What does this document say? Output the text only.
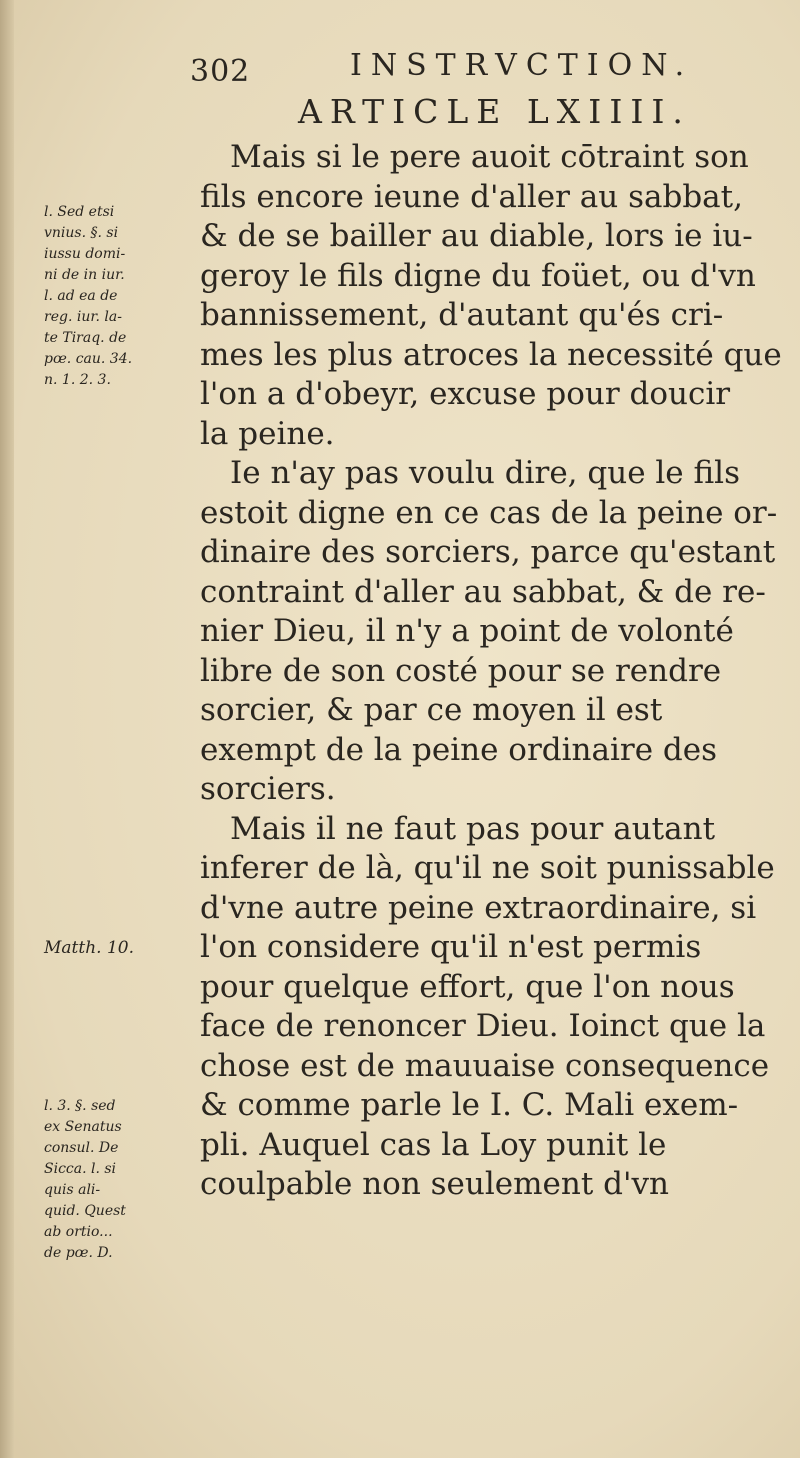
302	INSTRVCTION.
ARTICLE LXIIII.
Mais si le pere auoit cōtraint son
fils encore ieune d'aller au sabbat,
& de se bailler au diable, lors ie iu-
geroy le fils digne du foüet, ou d'vn
bannissement, d'autant qu'és cri-
mes les plus atroces la necessité que
l'on a d'obeyr, excuse pour doucir
la peine.
Ie n'ay pas voulu dire, que le fils
estoit digne en ce cas de la peine or-
dinaire des sorciers, parce qu'estant
contraint d'aller au sabbat, & de re-
nier Dieu, il n'y a point de volonté
libre de son costé pour se rendre
sorcier, & par ce moyen il est
exempt de la peine ordinaire des
sorciers.
Mais il ne faut pas pour autant
inferer de là, qu'il ne soit punissable
d'vne autre peine extraordinaire, si
l'on considere qu'il n'est permis
pour quelque effort, que l'on nous
face de renoncer Dieu. Ioinct que la
chose est de mauuaise consequence
& comme parle le I. C. Mali exem-
pli. Auquel cas la Loy punit le
coulpable non seulement d'vn
l. Sed etsi
vnius. §. si
iussu domi-
ni de in iur.
l. ad ea de
reg. iur. la-
te Tiraq. de
pœ. cau. 34.
n. 1. 2. 3.
Matth. 10.
l. 3. §. sed
ex Senatus
consul. De
Sicca. l. si
quis ali-
quid. Quest
ab ortio...
de pœ. D.
